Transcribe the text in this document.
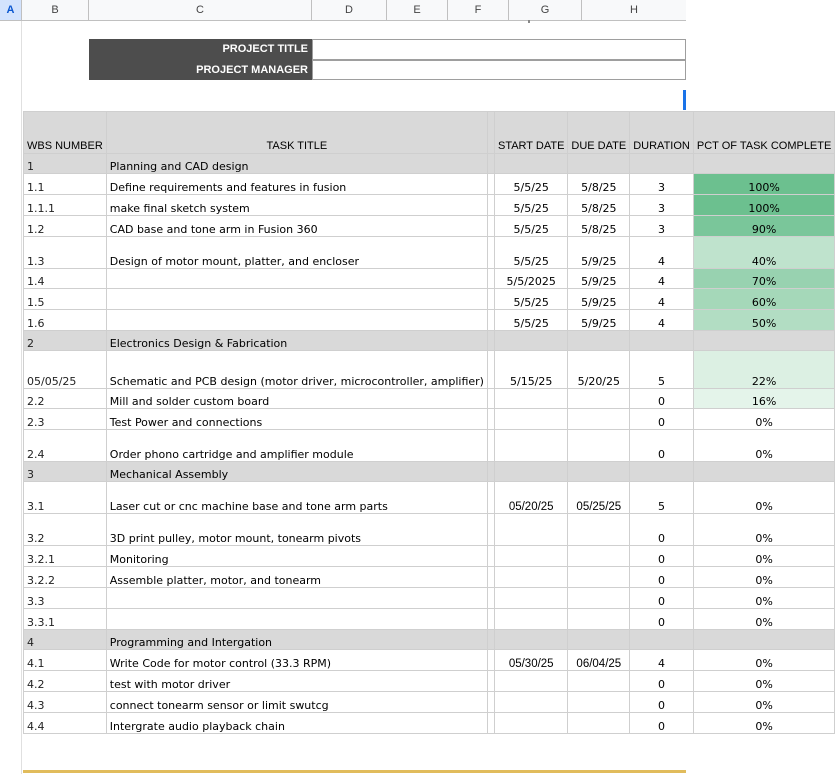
A	B	C	D	E	F	G	H
PROJECT TITLE
PROJECT MANAGER
WBS NUMBER	TASK TITLE		START DATE	DUE DATE	DURATION	PCT OF TASK COMPLETE
1	Planning and CAD design					
1.1	Define requirements and features in fusion		5/5/25	5/8/25	3	100%
1.1.1	make final sketch system		5/5/25	5/8/25	3	100%
1.2	CAD base and tone arm in Fusion 360		5/5/25	5/8/25	3	90%
1.3	Design of motor mount, platter, and encloser		5/5/25	5/9/25	4	40%
1.4			5/5/2025	5/9/25	4	70%
1.5			5/5/25	5/9/25	4	60%
1.6			5/5/25	5/9/25	4	50%
2	Electronics Design & Fabrication					
05/05/25	Schematic and PCB design (motor driver, microcontroller, amplifier)		5/15/25	5/20/25	5	22%
2.2	Mill and solder custom board				0	16%
2.3	Test Power and connections				0	0%
2.4	Order phono cartridge and amplifier module				0	0%
3	Mechanical Assembly					
3.1	Laser cut or cnc machine base and tone arm parts		05/20/25	05/25/25	5	0%
3.2	3D print pulley, motor mount, tonearm pivots				0	0%
3.2.1	Monitoring				0	0%
3.2.2	Assemble platter, motor, and tonearm				0	0%
3.3					0	0%
3.3.1					0	0%
4	Programming and Intergation					
4.1	Write Code for motor control (33.3 RPM)		05/30/25	06/04/25	4	0%
4.2	test with motor driver				0	0%
4.3	connect tonearm sensor or limit swutcg				0	0%
4.4	Intergrate audio playback chain				0	0%
